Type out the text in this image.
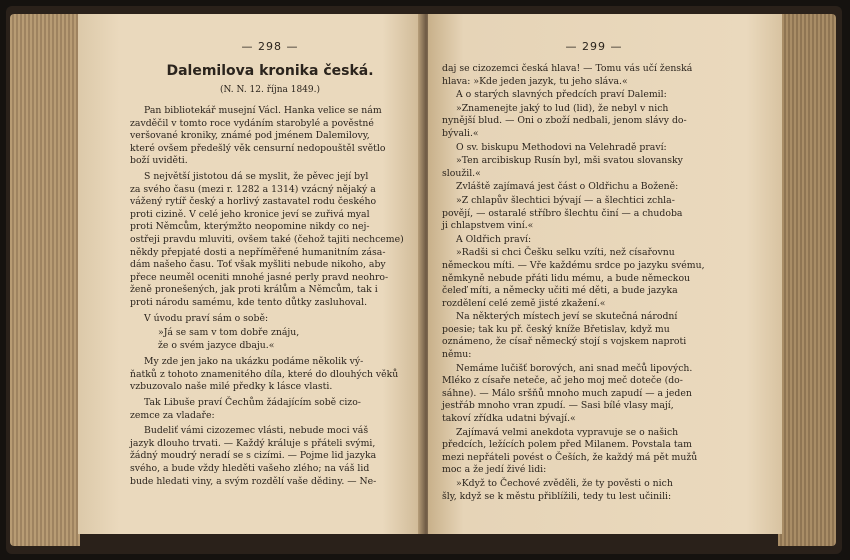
— 298 —
Dalemilova kronika česká.
(N. N. 12. října 1849.)

Pan bibliotekář musejní Václ. Hanka velice se nám
zavděčil v tomto roce vydáním starobylé a pověstné
veršované kroniky, známé pod jménem Dalemilovy,
které ovšem předešlý věk censurní nedopouštěl světlo
boží uviděti.

S největší jistotou dá se myslit, že pěvec její byl
za svého času (mezi r. 1282 a 1314) vzácný nějaký a
vážený rytíř český a horlivý zastavatel rodu českého
proti cizině. V celé jeho kronice jeví se zuřivá myal
proti Němcům, kterýmžto neopomine nikdy co nej-
ostřeji pravdu mluviti, ovšem také (čehož tajiti nechceme)
někdy přepjaté dosti a nepříměřené humanitním zása-
dám našeho času. Toť však myšliti nebude nikoho, aby
přece neuměl oceniti mnohé jasné perly pravd neohro-
ženě pronešených, jak proti králům a Němcům, tak i
proti národu samému, kde tento důtky zasluhoval.

V úvodu praví sám o sobě:

»Já se sam v tom dobře znáju,
že o svém jazyce dbaju.«

My zde jen jako na ukázku podáme několik vý-
ňatků z tohoto znamenitého díla, které do dlouhých věků
vzbuzovalo naše milé předky k lásce vlasti.

Tak Libuše praví Čechům žádajícím sobě cizo-
zemce za vladaře:

Budeliť vámi cizozemec vlásti, nebude moci váš
jazyk dlouho trvati. — Každý králuje s přáteli svými,
žádný moudrý neradí se s cizími. — Pojme lid jazyka
svého, a bude vždy hleděti vašeho zlého; na váš lid
bude hledati viny, a svým rozdělí vaše dědiny. — Ne-

— 299 —

daj se cizozemci česká hlava! — Tomu vás učí ženská
hlava: »Kde jeden jazyk, tu jeho sláva.«

A o starých slavných předcích praví Dalemil:

»Znamenejte jaký to lud (lid), že nebyl v nich
nynější blud. — Oni o zboží nedbali, jenom slávy do-
bývali.«

O sv. biskupu Methodovi na Velehradě praví:

»Ten arcibiskup Rusín byl, mši svatou slovansky
sloužil.«

Zvláště zajímavá jest část o Oldřichu a Boženě:

»Z chlapův šlechtici bývají — a šlechtici zchla-
povějí, — ostaralé stříbro šlechtu činí — a chudoba
ji chlapstvem viní.«

A Oldřich praví:

»Radši si chci Češku selku vzíti, než císařovnu
německou míti. — Vře každému srdce po jazyku svému,
němkyně nebude přáti lidu mému, a bude německou
čeleď míti, a německy učiti mé děti, a bude jazyka
rozdělení celé země jisté zkažení.«

Na některých místech jeví se skutečná národní
poesie; tak ku př. český kníže Břetislav, když mu
oznámeno, že císař německý stojí s vojskem naproti
němu:

Nemáme lučišť borových, ani snad mečů lipových.
Mléko z císaře neteče, ač jeho moj meč doteče (do-
sáhne). — Málo sršňů mnoho much zapudí — a jeden
jestřáb mnoho vran zpudí. — Sasi bílé vlasy mají,
takoví zřídka udatni bývají.«

Zajímavá velmi anekdota vypravuje se o našich
předcích, ležících polem před Milanem. Povstala tam
mezi nepřáteli povést o Češích, že každý má pět mužů
moc a že jedí živé lidi:

»Když to Čechové zvěděli, že ty pověsti o nich
šly, když se k městu přiblížili, tedy tu lest učinili:
